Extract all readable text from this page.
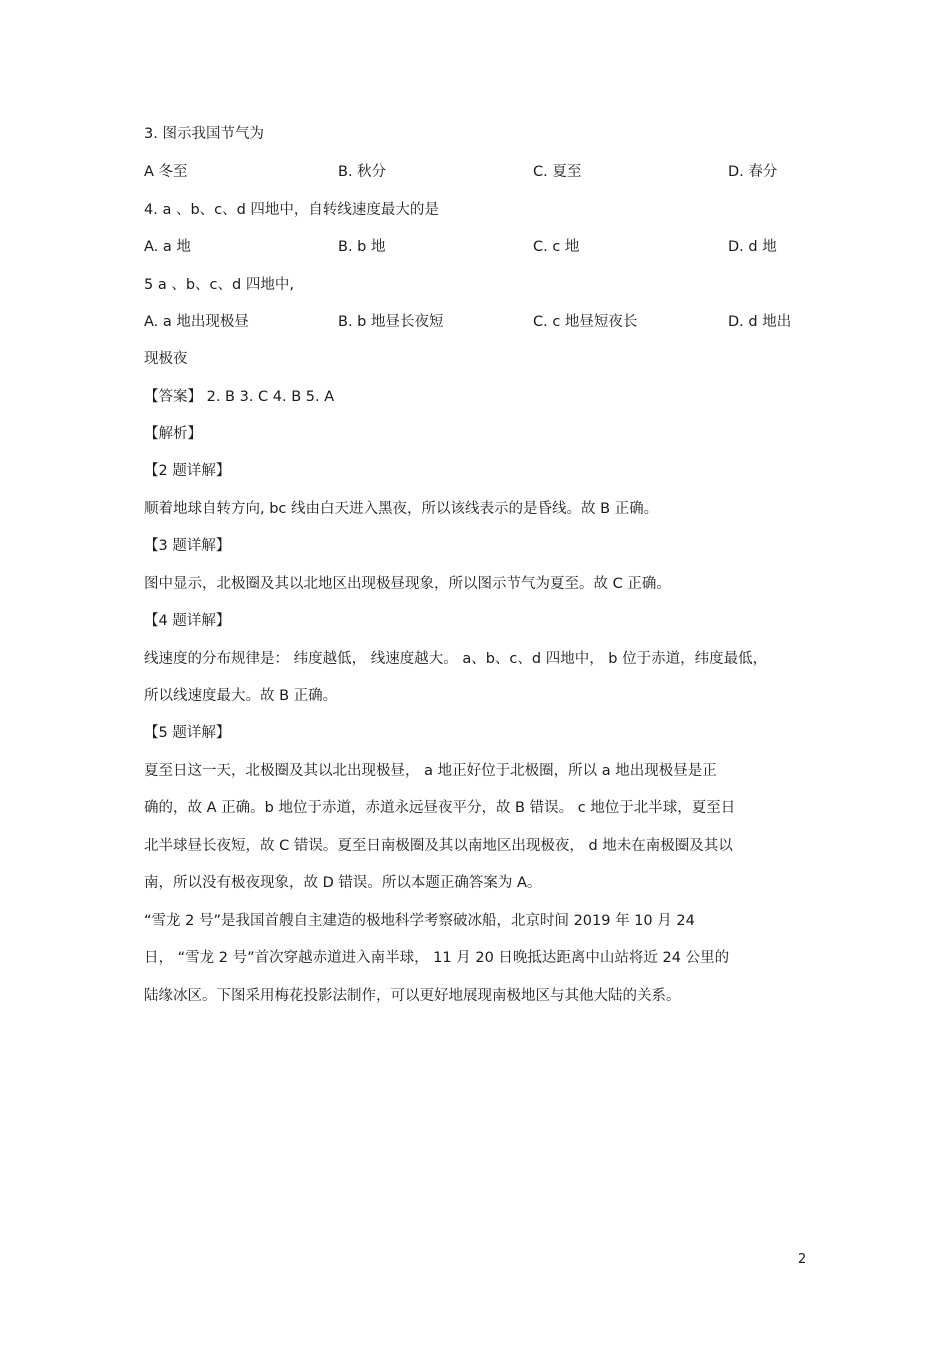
3. 图示我国节气为
A 冬至	B. 秋分	C. 夏至	D. 春分
4. a 、b、c、d 四地中，自转线速度最大的是
A. a 地	B. b 地	C. c 地	D. d 地
5 a 、b、c、d 四地中,
A. a 地出现极昼	B. b 地昼长夜短	C. c 地昼短夜长	D. d 地出
现极夜
【答案】 2. B 3. C 4. B 5. A
【解析】
【2 题详解】
顺着地球自转方向, bc 线由白天进入黑夜，所以该线表示的是昏线。故 B 正确。
【3 题详解】
图中显示，北极圈及其以北地区出现极昼现象，所以图示节气为夏至。故 C 正确。
【4 题详解】
线速度的分布规律是： 纬度越低， 线速度越大。 a、b、c、d 四地中， b 位于赤道，纬度最低，
所以线速度最大。故 B 正确。
【5 题详解】
夏至日这一天，北极圈及其以北出现极昼， a 地正好位于北极圈，所以 a 地出现极昼是正
确的，故 A 正确。b 地位于赤道，赤道永远昼夜平分，故 B 错误。 c 地位于北半球，夏至日
北半球昼长夜短，故 C 错误。夏至日南极圈及其以南地区出现极夜， d 地未在南极圈及其以
南，所以没有极夜现象，故 D 错误。所以本题正确答案为 A。
“雪龙 2 号”是我国首艘自主建造的极地科学考察破冰船，北京时间 2019 年 10 月 24
日， “雪龙 2 号”首次穿越赤道进入南半球， 11 月 20 日晚抵达距离中山站将近 24 公里的
陆缘冰区。下图采用梅花投影法制作，可以更好地展现南极地区与其他大陆的关系。
2
